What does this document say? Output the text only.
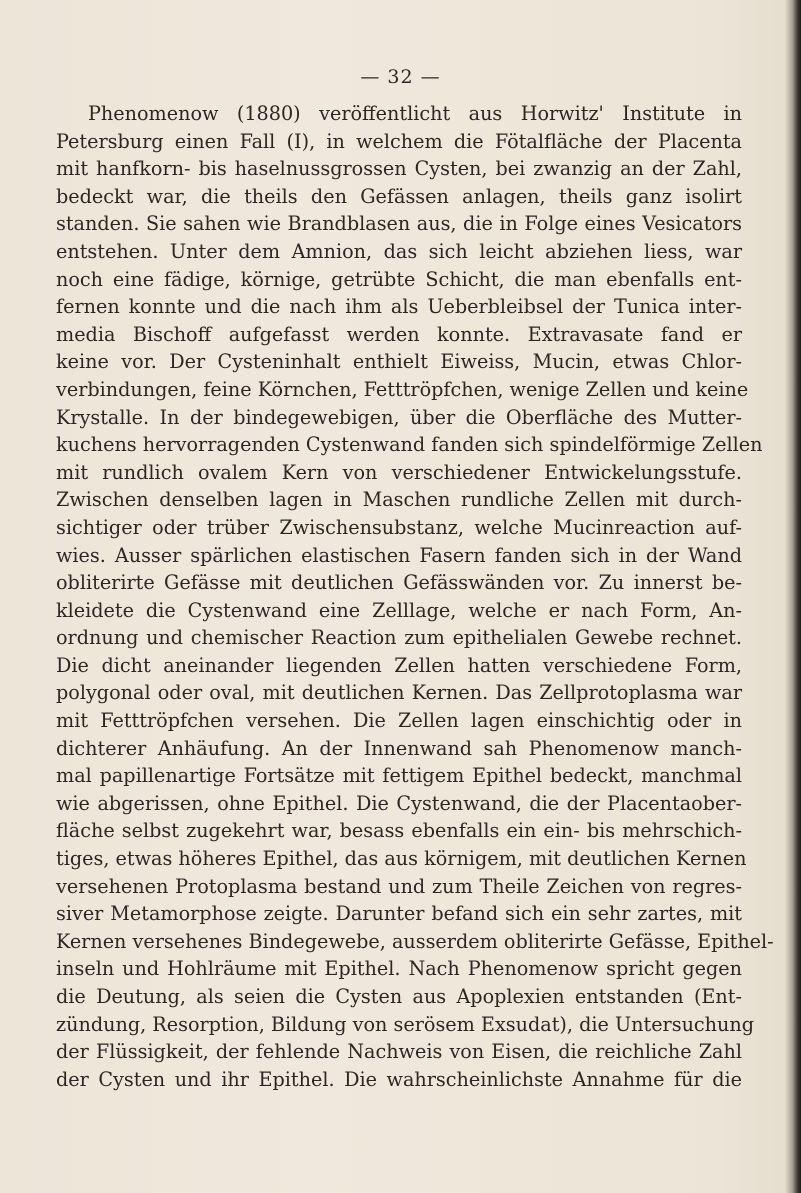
— 32 —
Phenomenow (1880) veröffentlicht aus Horwitz' Institute in
Petersburg einen Fall (I), in welchem die Fötalfläche der Placenta
mit hanfkorn- bis haselnussgrossen Cysten, bei zwanzig an der Zahl,
bedeckt war, die theils den Gefässen anlagen, theils ganz isolirt
standen. Sie sahen wie Brandblasen aus, die in Folge eines Vesicators
entstehen. Unter dem Amnion, das sich leicht abziehen liess, war
noch eine fädige, körnige, getrübte Schicht, die man ebenfalls ent-
fernen konnte und die nach ihm als Ueberbleibsel der Tunica inter-
media Bischoff aufgefasst werden konnte. Extravasate fand er
keine vor. Der Cysteninhalt enthielt Eiweiss, Mucin, etwas Chlor-
verbindungen, feine Körnchen, Fetttröpfchen, wenige Zellen und keine
Krystalle. In der bindegewebigen, über die Oberfläche des Mutter-
kuchens hervorragenden Cystenwand fanden sich spindelförmige Zellen
mit rundlich ovalem Kern von verschiedener Entwickelungsstufe.
Zwischen denselben lagen in Maschen rundliche Zellen mit durch-
sichtiger oder trüber Zwischensubstanz, welche Mucinreaction auf-
wies. Ausser spärlichen elastischen Fasern fanden sich in der Wand
obliterirte Gefässe mit deutlichen Gefässwänden vor. Zu innerst be-
kleidete die Cystenwand eine Zelllage, welche er nach Form, An-
ordnung und chemischer Reaction zum epithelialen Gewebe rechnet.
Die dicht aneinander liegenden Zellen hatten verschiedene Form,
polygonal oder oval, mit deutlichen Kernen. Das Zellprotoplasma war
mit Fetttröpfchen versehen. Die Zellen lagen einschichtig oder in
dichterer Anhäufung. An der Innenwand sah Phenomenow manch-
mal papillenartige Fortsätze mit fettigem Epithel bedeckt, manchmal
wie abgerissen, ohne Epithel. Die Cystenwand, die der Placentaober-
fläche selbst zugekehrt war, besass ebenfalls ein ein- bis mehrschich-
tiges, etwas höheres Epithel, das aus körnigem, mit deutlichen Kernen
versehenen Protoplasma bestand und zum Theile Zeichen von regres-
siver Metamorphose zeigte. Darunter befand sich ein sehr zartes, mit
Kernen versehenes Bindegewebe, ausserdem obliterirte Gefässe, Epithel-
inseln und Hohlräume mit Epithel. Nach Phenomenow spricht gegen
die Deutung, als seien die Cysten aus Apoplexien entstanden (Ent-
zündung, Resorption, Bildung von serösem Exsudat), die Untersuchung
der Flüssigkeit, der fehlende Nachweis von Eisen, die reichliche Zahl
der Cysten und ihr Epithel. Die wahrscheinlichste Annahme für die
